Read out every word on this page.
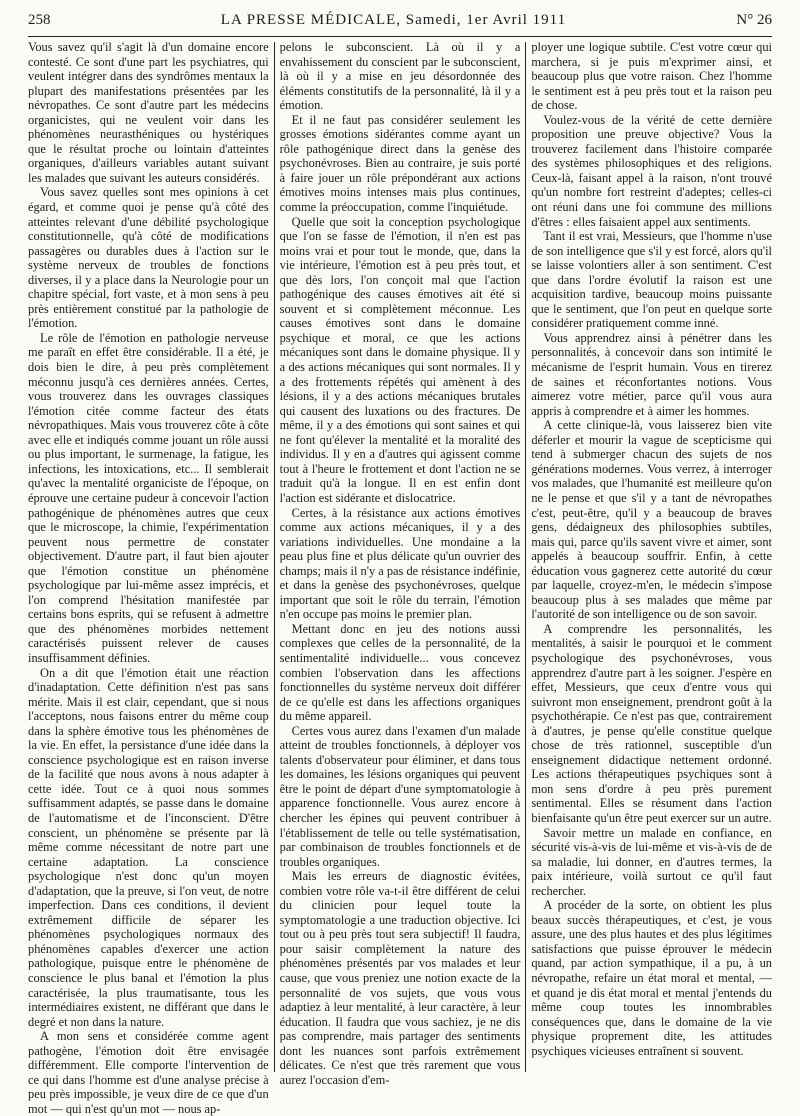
258	LA PRESSE MÉDICALE, Samedi, 1er Avril 1911	N° 26

Vous savez qu'il s'agit là d'un domaine encore contesté. Ce sont d'une part les psychiatres, qui veulent intégrer dans des syndrômes mentaux la plupart des manifestations présentées par les névropathes. Ce sont d'autre part les médecins organicistes, qui ne veulent voir dans les phénomènes neurasthéniques ou hystériques que le résultat proche ou lointain d'atteintes organiques, d'ailleurs variables autant suivant les malades que suivant les auteurs considérés.

Vous savez quelles sont mes opinions à cet égard, et comme quoi je pense qu'à côté des atteintes relevant d'une débilité psychologique constitutionnelle, qu'à côté de modifications passagères ou durables dues à l'action sur le système nerveux de troubles de fonctions diverses, il y a place dans la Neurologie pour un chapitre spécial, fort vaste, et à mon sens à peu près entièrement constitué par la pathologie de l'émotion.

Le rôle de l'émotion en pathologie nerveuse me paraît en effet être considérable. Il a été, je dois bien le dire, à peu près complètement méconnu jusqu'à ces dernières années. Certes, vous trouverez dans les ouvrages classiques l'émotion citée comme facteur des états névropathiques. Mais vous trouverez côte à côte avec elle et indiqués comme jouant un rôle aussi ou plus important, le surmenage, la fatigue, les infections, les intoxications, etc... Il semblerait qu'avec la mentalité organiciste de l'époque, on éprouve une certaine pudeur à concevoir l'action pathogénique de phénomènes autres que ceux que le microscope, la chimie, l'expérimentation peuvent nous permettre de constater objectivement. D'autre part, il faut bien ajouter que l'émotion constitue un phénomène psychologique par lui-même assez imprécis, et l'on comprend l'hésitation manifestée par certains bons esprits, qui se refusent à admettre que des phénomènes morbides nettement caractérisés puissent relever de causes insuffisamment définies.

On a dit que l'émotion était une réaction d'inadaptation. Cette définition n'est pas sans mérite. Mais il est clair, cependant, que si nous l'acceptons, nous faisons entrer du même coup dans la sphère émotive tous les phénomènes de la vie. En effet, la persistance d'une idée dans la conscience psychologique est en raison inverse de la facilité que nous avons à nous adapter à cette idée. Tout ce à quoi nous sommes suffisamment adaptés, se passe dans le domaine de l'automatisme et de l'inconscient. D'être conscient, un phénomène se présente par là même comme nécessitant de notre part une certaine adaptation. La conscience psychologique n'est donc qu'un moyen d'adaptation, que la preuve, si l'on veut, de notre imperfection. Dans ces conditions, il devient extrêmement difficile de séparer les phénomènes psychologiques normaux des phénomènes capables d'exercer une action pathologique, puisque entre le phénomène de conscience le plus banal et l'émotion la plus caractérisée, la plus traumatisante, tous les intermédiaires existent, ne différant que dans le degré et non dans la nature.

A mon sens et considérée comme agent pathogène, l'émotion doit être envisagée différemment. Elle comporte l'intervention de ce qui dans l'homme est d'une analyse précise à peu près impossible, je veux dire de ce que d'un mot — qui n'est qu'un mot — nous ap-

pelons le subconscient. Là où il y a envahissement du conscient par le subconscient, là où il y a mise en jeu désordonnée des éléments constitutifs de la personnalité, là il y a émotion.

Et il ne faut pas considérer seulement les grosses émotions sidérantes comme ayant un rôle pathogénique direct dans la genèse des psychonévroses. Bien au contraire, je suis porté à faire jouer un rôle prépondérant aux actions émotives moins intenses mais plus continues, comme la préoccupation, comme l'inquiétude.

Quelle que soit la conception psychologique que l'on se fasse de l'émotion, il n'en est pas moins vrai et pour tout le monde, que, dans la vie intérieure, l'émotion est à peu près tout, et que dès lors, l'on conçoit mal que l'action pathogénique des causes émotives ait été si souvent et si complètement méconnue. Les causes émotives sont dans le domaine psychique et moral, ce que les actions mécaniques sont dans le domaine physique. Il y a des actions mécaniques qui sont normales. Il y a des frottements répétés qui amènent à des lésions, il y a des actions mécaniques brutales qui causent des luxations ou des fractures. De même, il y a des émotions qui sont saines et qui ne font qu'élever la mentalité et la moralité des individus. Il y en a d'autres qui agissent comme tout à l'heure le frottement et dont l'action ne se traduit qu'à la longue. Il en est enfin dont l'action est sidérante et dislocatrice.

Certes, à la résistance aux actions émotives comme aux actions mécaniques, il y a des variations individuelles. Une mondaine a la peau plus fine et plus délicate qu'un ouvrier des champs; mais il n'y a pas de résistance indéfinie, et dans la genèse des psychonévroses, quelque important que soit le rôle du terrain, l'émotion n'en occupe pas moins le premier plan.

Mettant donc en jeu des notions aussi complexes que celles de la personnalité, de la sentimentalité individuelle... vous concevez combien l'observation dans les affections fonctionnelles du système nerveux doit différer de ce qu'elle est dans les affections organiques du même appareil.

Certes vous aurez dans l'examen d'un malade atteint de troubles fonctionnels, à déployer vos talents d'observateur pour éliminer, et dans tous les domaines, les lésions organiques qui peuvent être le point de départ d'une symptomatologie à apparence fonctionnelle. Vous aurez encore à chercher les épines qui peuvent contribuer à l'établissement de telle ou telle systématisation, par combinaison de troubles fonctionnels et de troubles organiques.

Mais les erreurs de diagnostic évitées, combien votre rôle va-t-il être différent de celui du clinicien pour lequel toute la symptomatologie a une traduction objective. Ici tout ou à peu près tout sera subjectif! Il faudra, pour saisir complètement la nature des phénomènes présentés par vos malades et leur cause, que vous preniez une notion exacte de la personnalité de vos sujets, que vous vous adaptiez à leur mentalité, à leur caractère, à leur éducation. Il faudra que vous sachiez, je ne dis pas comprendre, mais partager des sentiments dont les nuances sont parfois extrêmement délicates. Ce n'est que très rarement que vous aurez l'occasion d'em-

ployer une logique subtile. C'est votre cœur qui marchera, si je puis m'exprimer ainsi, et beaucoup plus que votre raison. Chez l'homme le sentiment est à peu près tout et la raison peu de chose.

Voulez-vous de la vérité de cette dernière proposition une preuve objective? Vous la trouverez facilement dans l'histoire comparée des systèmes philosophiques et des religions. Ceux-là, faisant appel à la raison, n'ont trouvé qu'un nombre fort restreint d'adeptes; celles-ci ont réuni dans une foi commune des millions d'êtres : elles faisaient appel aux sentiments.

Tant il est vrai, Messieurs, que l'homme n'use de son intelligence que s'il y est forcé, alors qu'il se laisse volontiers aller à son sentiment. C'est que dans l'ordre évolutif la raison est une acquisition tardive, beaucoup moins puissante que le sentiment, que l'on peut en quelque sorte considérer pratiquement comme inné.

Vous apprendrez ainsi à pénétrer dans les personnalités, à concevoir dans son intimité le mécanisme de l'esprit humain. Vous en tirerez de saines et réconfortantes notions. Vous aimerez votre métier, parce qu'il vous aura appris à comprendre et à aimer les hommes.

A cette clinique-là, vous laisserez bien vite déferler et mourir la vague de scepticisme qui tend à submerger chacun des sujets de nos générations modernes. Vous verrez, à interroger vos malades, que l'humanité est meilleure qu'on ne le pense et que s'il y a tant de névropathes c'est, peut-être, qu'il y a beaucoup de braves gens, dédaigneux des philosophies subtiles, mais qui, parce qu'ils savent vivre et aimer, sont appelés à beaucoup souffrir. Enfin, à cette éducation vous gagnerez cette autorité du cœur par laquelle, croyez-m'en, le médecin s'impose beaucoup plus à ses malades que même par l'autorité de son intelligence ou de son savoir.

A comprendre les personnalités, les mentalités, à saisir le pourquoi et le comment psychologique des psychonévroses, vous apprendrez d'autre part à les soigner. J'espère en effet, Messieurs, que ceux d'entre vous qui suivront mon enseignement, prendront goût à la psychothérapie. Ce n'est pas que, contrairement à d'autres, je pense qu'elle constitue quelque chose de très rationnel, susceptible d'un enseignement didactique nettement ordonné. Les actions thérapeutiques psychiques sont à mon sens d'ordre à peu près purement sentimental. Elles se résument dans l'action bienfaisante qu'un être peut exercer sur un autre.

Savoir mettre un malade en confiance, en sécurité vis-à-vis de lui-même et vis-à-vis de de sa maladie, lui donner, en d'autres termes, la paix intérieure, voilà surtout ce qu'il faut rechercher.

A procéder de la sorte, on obtient les plus beaux succès thérapeutiques, et c'est, je vous assure, une des plus hautes et des plus légitimes satisfactions que puisse éprouver le médecin quand, par action sympathique, il a pu, à un névropathe, refaire un état moral et mental, — et quand je dis état moral et mental j'entends du même coup toutes les innombrables conséquences que, dans le domaine de la vie physique proprement dite, les attitudes psychiques vicieuses entraînent si souvent.
